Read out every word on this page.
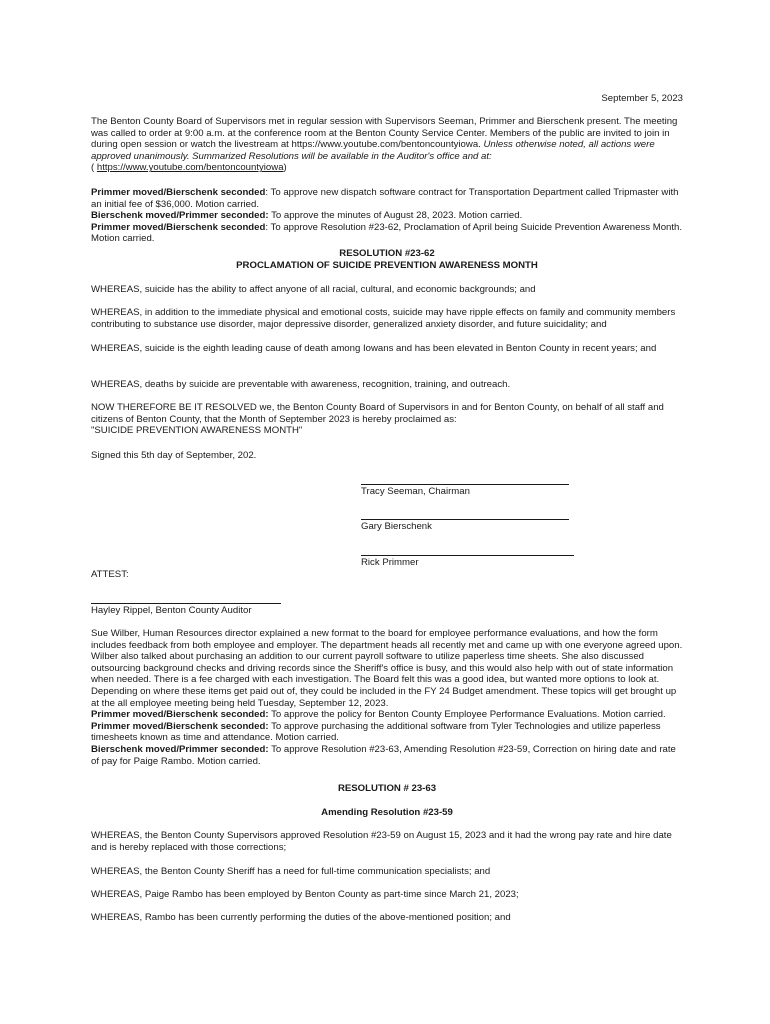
September 5, 2023

The Benton County Board of Supervisors met in regular session with Supervisors Seeman, Primmer and Bierschenk present. The meeting was called to order at 9:00 a.m. at the conference room at the Benton County Service Center. Members of the public are invited to join in during open session or watch the livestream at https://www.youtube.com/bentoncountyiowa. Unless otherwise noted, all actions were approved unanimously. Summarized Resolutions will be available in the Auditor's office and at:
( https://www.youtube.com/bentoncountyiowa)

Primmer moved/Bierschenk seconded: To approve new dispatch software contract for Transportation Department called Tripmaster with an initial fee of $36,000. Motion carried.
Bierschenk moved/Primmer seconded: To approve the minutes of August 28, 2023. Motion carried.
Primmer moved/Bierschenk seconded: To approve Resolution #23-62, Proclamation of April being Suicide Prevention Awareness Month. Motion carried.

RESOLUTION #23-62
PROCLAMATION OF SUICIDE PREVENTION AWARENESS MONTH

WHEREAS, suicide has the ability to affect anyone of all racial, cultural, and economic backgrounds; and

WHEREAS, in addition to the immediate physical and emotional costs, suicide may have ripple effects on family and community members contributing to substance use disorder, major depressive disorder, generalized anxiety disorder, and future suicidality; and

WHEREAS, suicide is the eighth leading cause of death among Iowans and has been elevated in Benton County in recent years; and

WHEREAS, deaths by suicide are preventable with awareness, recognition, training, and outreach.

NOW THEREFORE BE IT RESOLVED we, the Benton County Board of Supervisors in and for Benton County, on behalf of all staff and citizens of Benton County, that the Month of September 2023 is hereby proclaimed as:
"SUICIDE PREVENTION AWARENESS MONTH"

Signed this 5th day of September, 202.

Tracy Seeman, Chairman
Gary Bierschenk
Rick Primmer
ATTEST:
Hayley Rippel, Benton County Auditor

Sue Wilber, Human Resources director explained a new format to the board for employee performance evaluations, and how the form includes feedback from both employee and employer. The department heads all recently met and came up with one everyone agreed upon. Wilber also talked about purchasing an addition to our current payroll software to utilize paperless time sheets. She also discussed outsourcing background checks and driving records since the Sheriff's office is busy, and this would also help with out of state information when needed. There is a fee charged with each investigation. The Board felt this was a good idea, but wanted more options to look at. Depending on where these items get paid out of, they could be included in the FY 24 Budget amendment. These topics will get brought up at the all employee meeting being held Tuesday, September 12, 2023.
Primmer moved/Bierschenk seconded: To approve the policy for Benton County Employee Performance Evaluations. Motion carried.
Primmer moved/Bierschenk seconded: To approve purchasing the additional software from Tyler Technologies and utilize paperless timesheets known as time and attendance. Motion carried.
Bierschenk moved/Primmer seconded: To approve Resolution #23-63, Amending Resolution #23-59, Correction on hiring date and rate of pay for Paige Rambo. Motion carried.

RESOLUTION # 23-63
Amending Resolution #23-59

WHEREAS, the Benton County Supervisors approved Resolution #23-59 on August 15, 2023 and it had the wrong pay rate and hire date and is hereby replaced with those corrections;

WHEREAS, the Benton County Sheriff has a need for full-time communication specialists; and

WHEREAS, Paige Rambo has been employed by Benton County as part-time since March 21, 2023;

WHEREAS, Rambo has been currently performing the duties of the above-mentioned position; and
